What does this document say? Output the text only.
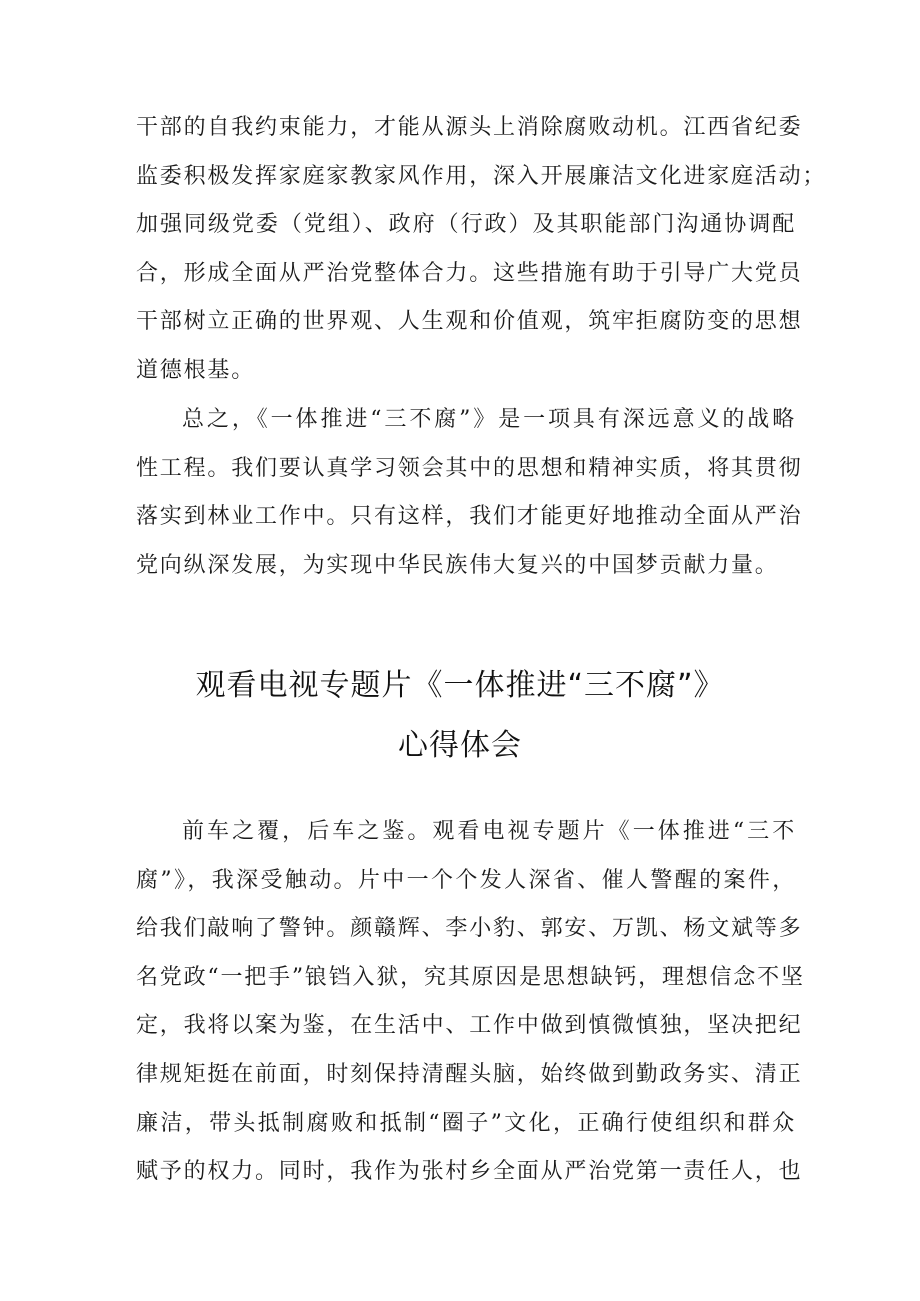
干部的自我约束能力，才能从源头上消除腐败动机。江西省纪委
监委积极发挥家庭家教家风作用，深入开展廉洁文化进家庭活动；
加强同级党委（党组）、政府（行政）及其职能部门沟通协调配
合，形成全面从严治党整体合力。这些措施有助于引导广大党员
干部树立正确的世界观、人生观和价值观，筑牢拒腐防变的思想
道德根基。
总之，《一体推进“三不腐”》是一项具有深远意义的战略
性工程。我们要认真学习领会其中的思想和精神实质，将其贯彻
落实到林业工作中。只有这样，我们才能更好地推动全面从严治
党向纵深发展，为实现中华民族伟大复兴的中国梦贡献力量。
观看电视专题片《一体推进“三不腐”》
心得体会
前车之覆，后车之鉴。观看电视专题片《一体推进“三不
腐”》，我深受触动。片中一个个发人深省、催人警醒的案件，
给我们敲响了警钟。颜赣辉、李小豹、郭安、万凯、杨文斌等多
名党政“一把手”锒铛入狱，究其原因是思想缺钙，理想信念不坚
定，我将以案为鉴，在生活中、工作中做到慎微慎独，坚决把纪
律规矩挺在前面，时刻保持清醒头脑，始终做到勤政务实、清正
廉洁，带头抵制腐败和抵制“圈子”文化，正确行使组织和群众
赋予的权力。同时，我作为张村乡全面从严治党第一责任人，也
